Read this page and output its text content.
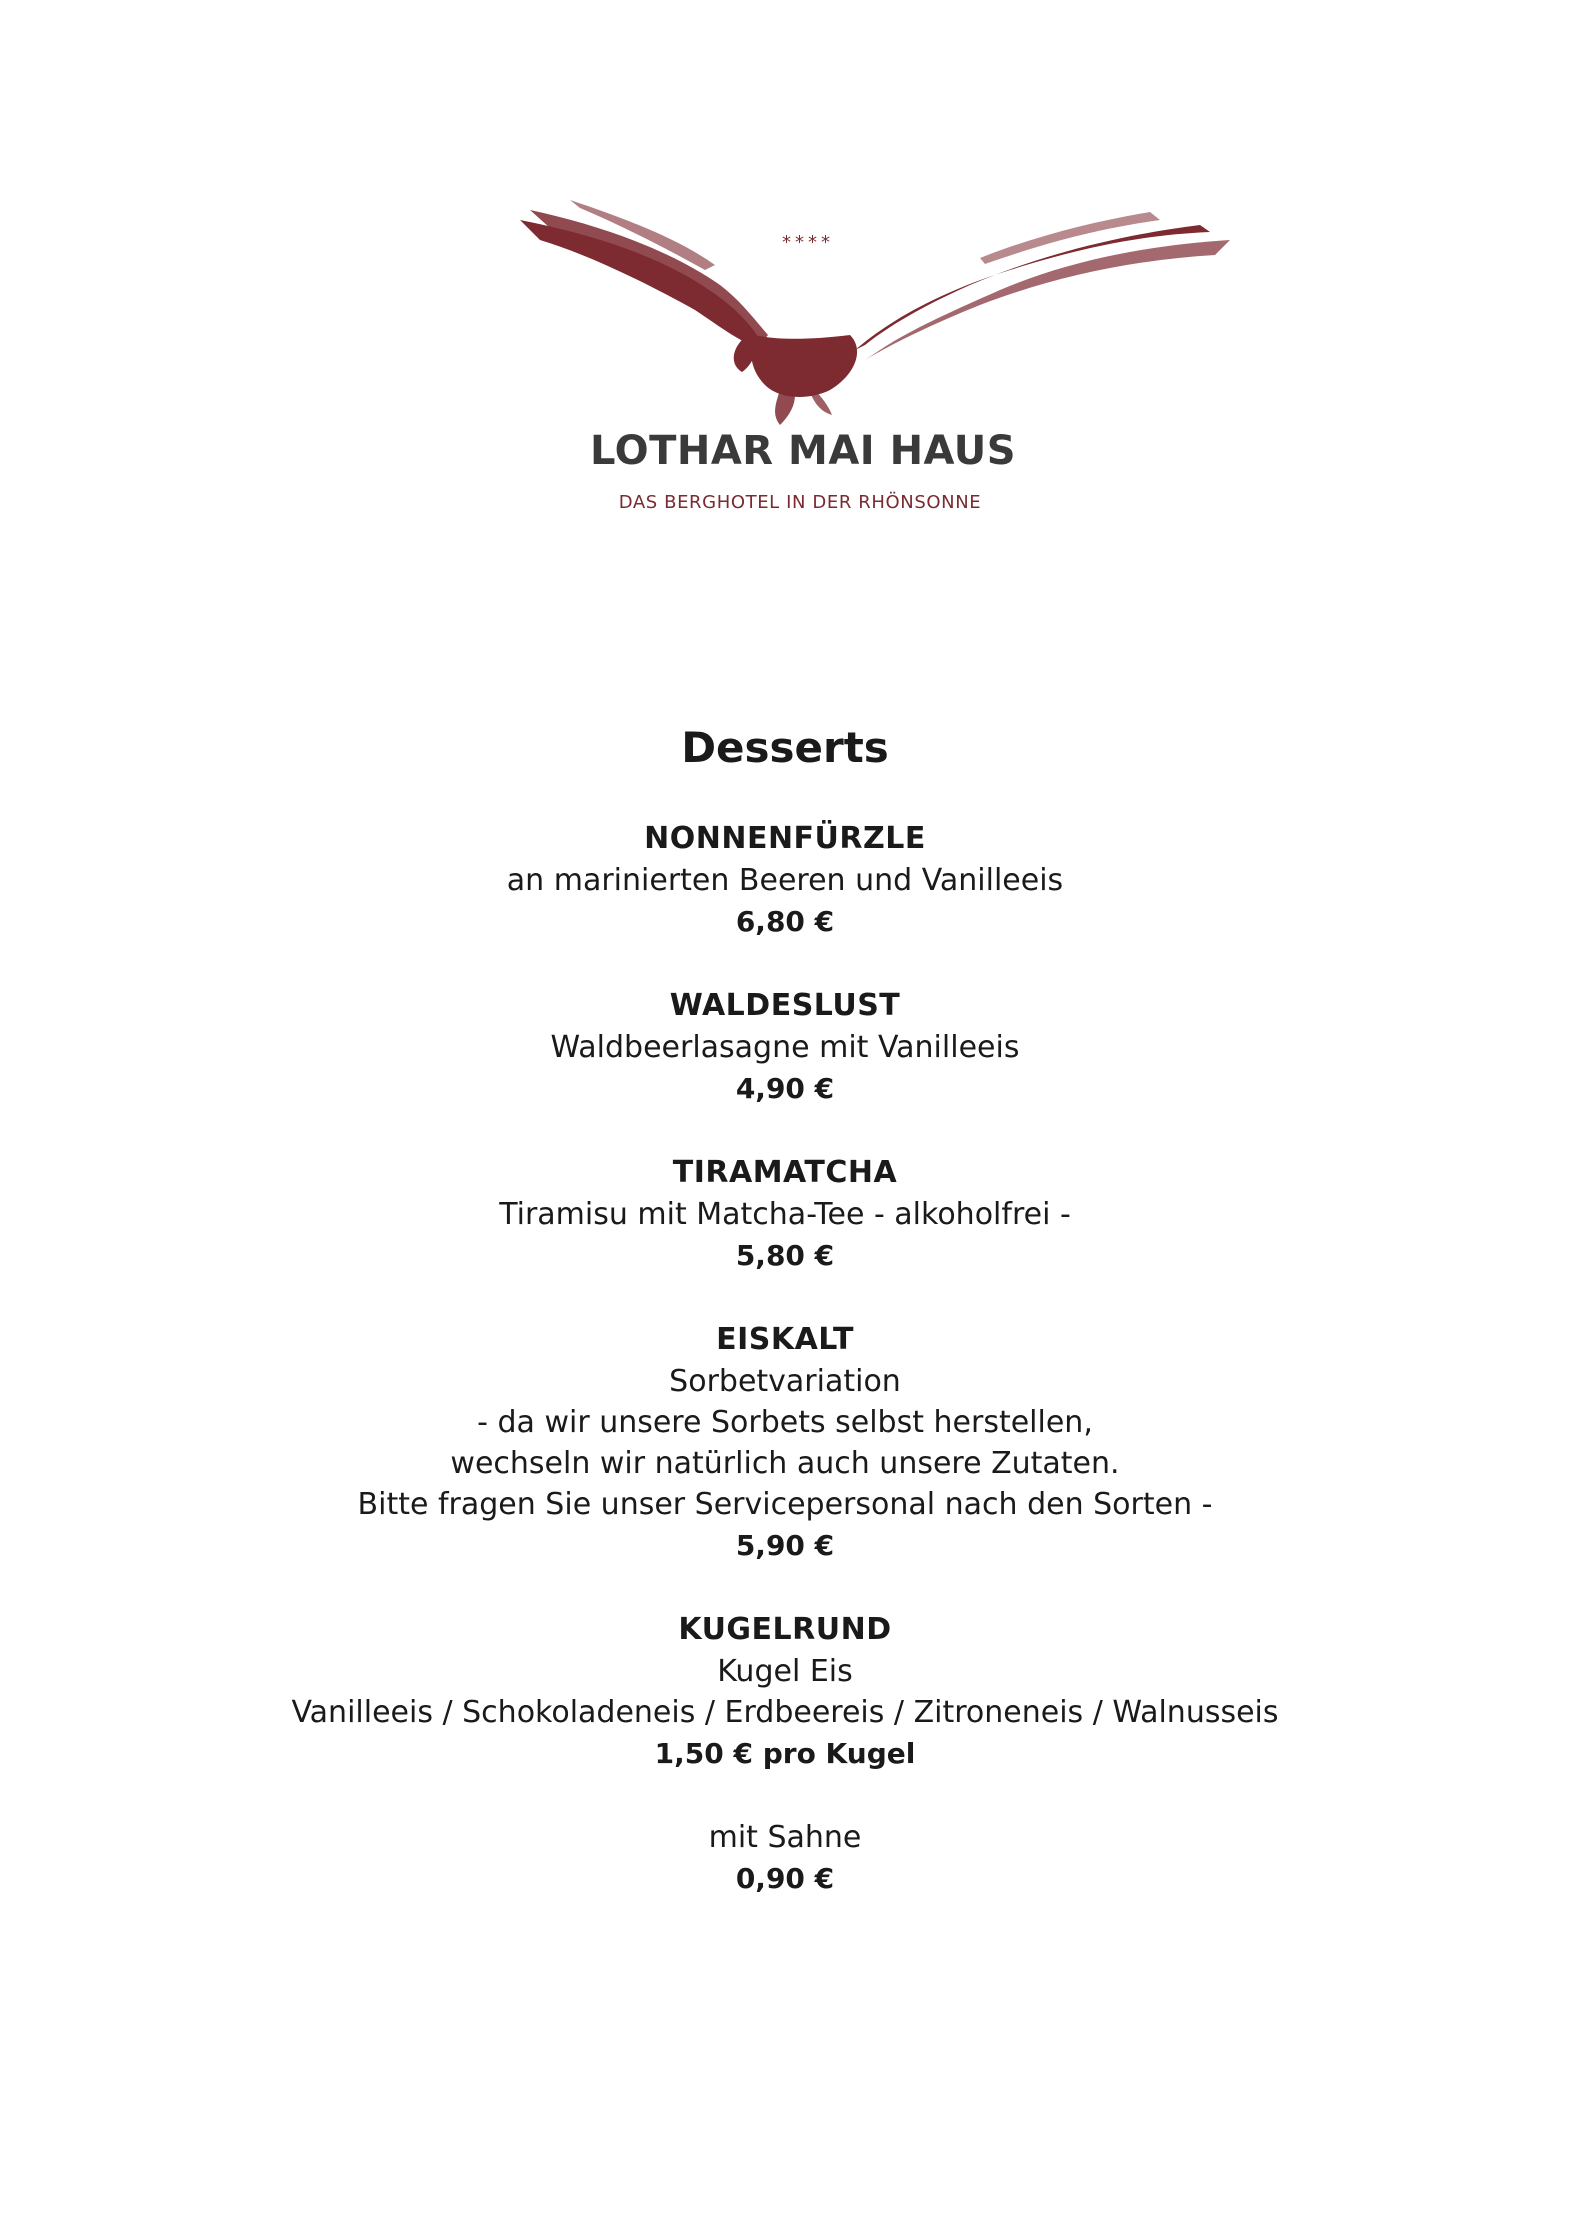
****
LOTHAR MAI HAUS
DAS BERGHOTEL IN DER RHÖNSONNE
Desserts
NONNENFÜRZLE
an marinierten Beeren und Vanilleeis
6,80 €
WALDESLUST
Waldbeerlasagne mit Vanilleeis
4,90 €
TIRAMATCHA
Tiramisu mit Matcha-Tee - alkoholfrei -
5,80 €
EISKALT
Sorbetvariation
- da wir unsere Sorbets selbst herstellen,
wechseln wir natürlich auch unsere Zutaten.
Bitte fragen Sie unser Servicepersonal nach den Sorten -
5,90 €
KUGELRUND
Kugel Eis
Vanilleeis / Schokoladeneis / Erdbeereis / Zitroneneis / Walnusseis
1,50 € pro Kugel
mit Sahne
0,90 €
